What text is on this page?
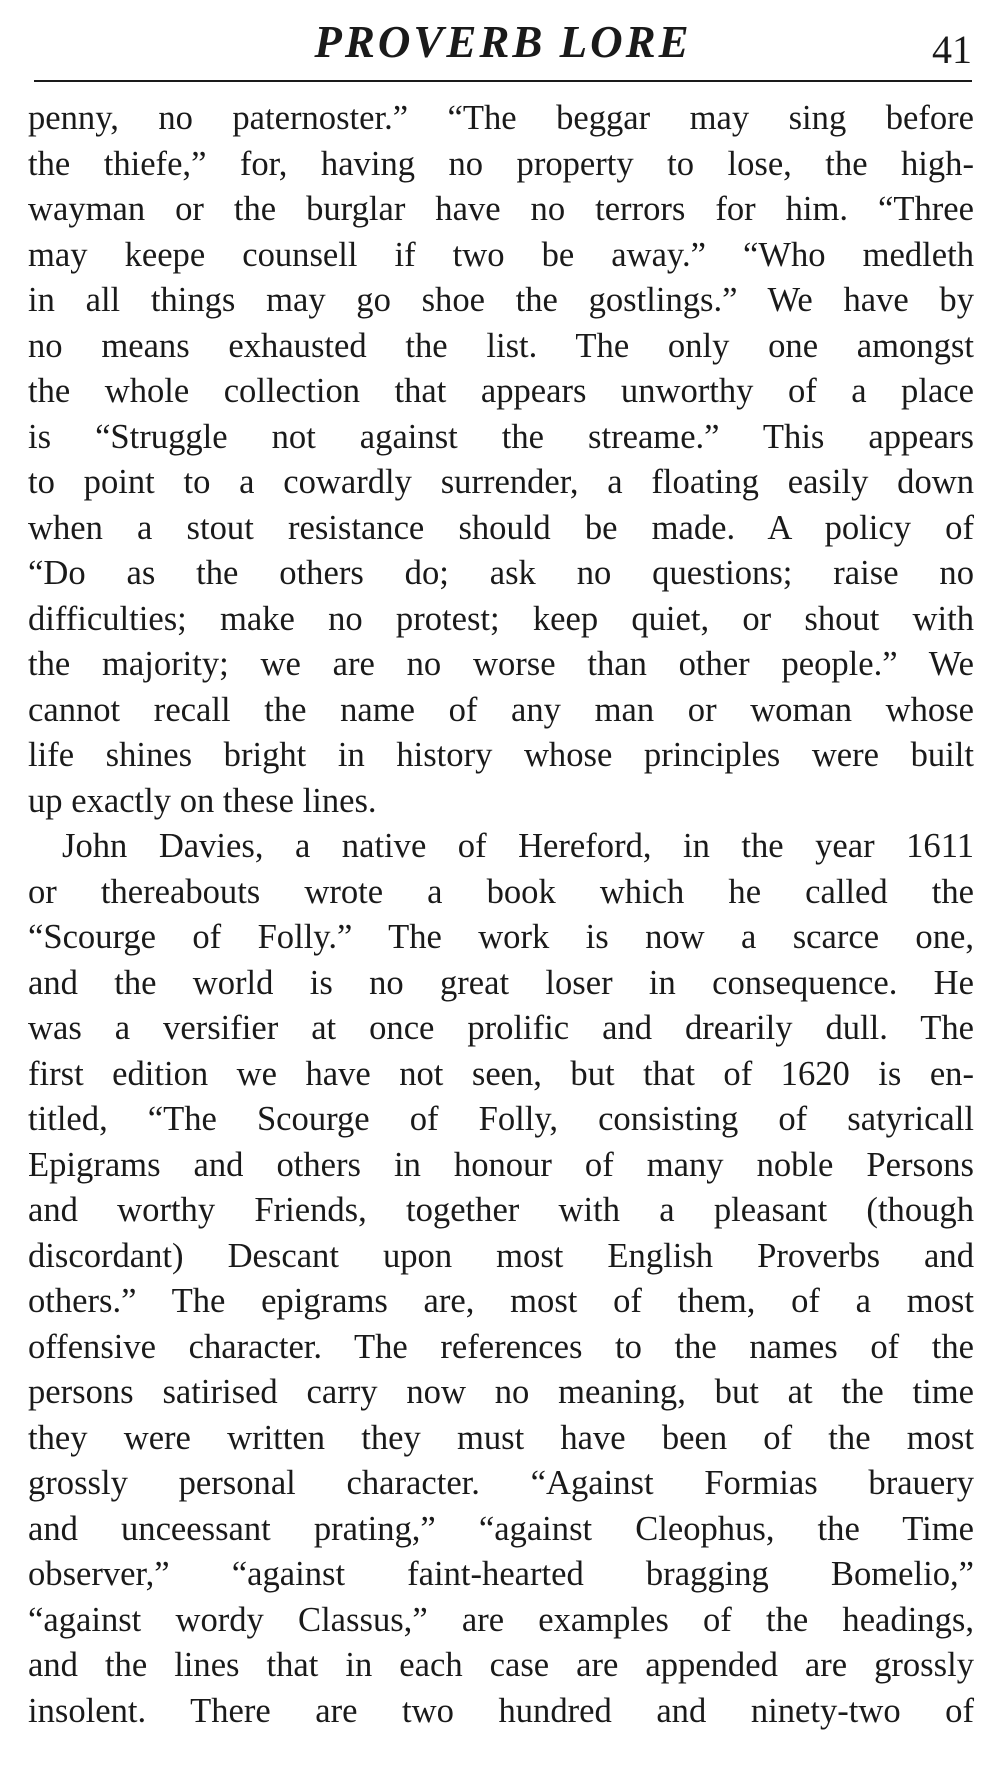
PROVERB LORE	41
penny, no paternoster.” “The beggar may sing before
the thiefe,” for, having no property to lose, the high-
wayman or the burglar have no terrors for him. “Three
may keepe counsell if two be away.” “Who medleth
in all things may go shoe the gostlings.” We have by
no means exhausted the list. The only one amongst
the whole collection that appears unworthy of a place
is “Struggle not against the streame.” This appears
to point to a cowardly surrender, a floating easily down
when a stout resistance should be made. A policy of
“Do as the others do; ask no questions; raise no
difficulties; make no protest; keep quiet, or shout with
the majority; we are no worse than other people.” We
cannot recall the name of any man or woman whose
life shines bright in history whose principles were built
up exactly on these lines.
John Davies, a native of Hereford, in the year 1611
or thereabouts wrote a book which he called the
“Scourge of Folly.” The work is now a scarce one,
and the world is no great loser in consequence. He
was a versifier at once prolific and drearily dull. The
first edition we have not seen, but that of 1620 is en-
titled, “The Scourge of Folly, consisting of satyricall
Epigrams and others in honour of many noble Persons
and worthy Friends, together with a pleasant (though
discordant) Descant upon most English Proverbs and
others.” The epigrams are, most of them, of a most
offensive character. The references to the names of the
persons satirised carry now no meaning, but at the time
they were written they must have been of the most
grossly personal character. “Against Formias brauery
and unceessant prating,” “against Cleophus, the Time
observer,” “against faint-hearted bragging Bomelio,”
“against wordy Classus,” are examples of the headings,
and the lines that in each case are appended are grossly
insolent. There are two hundred and ninety-two of
